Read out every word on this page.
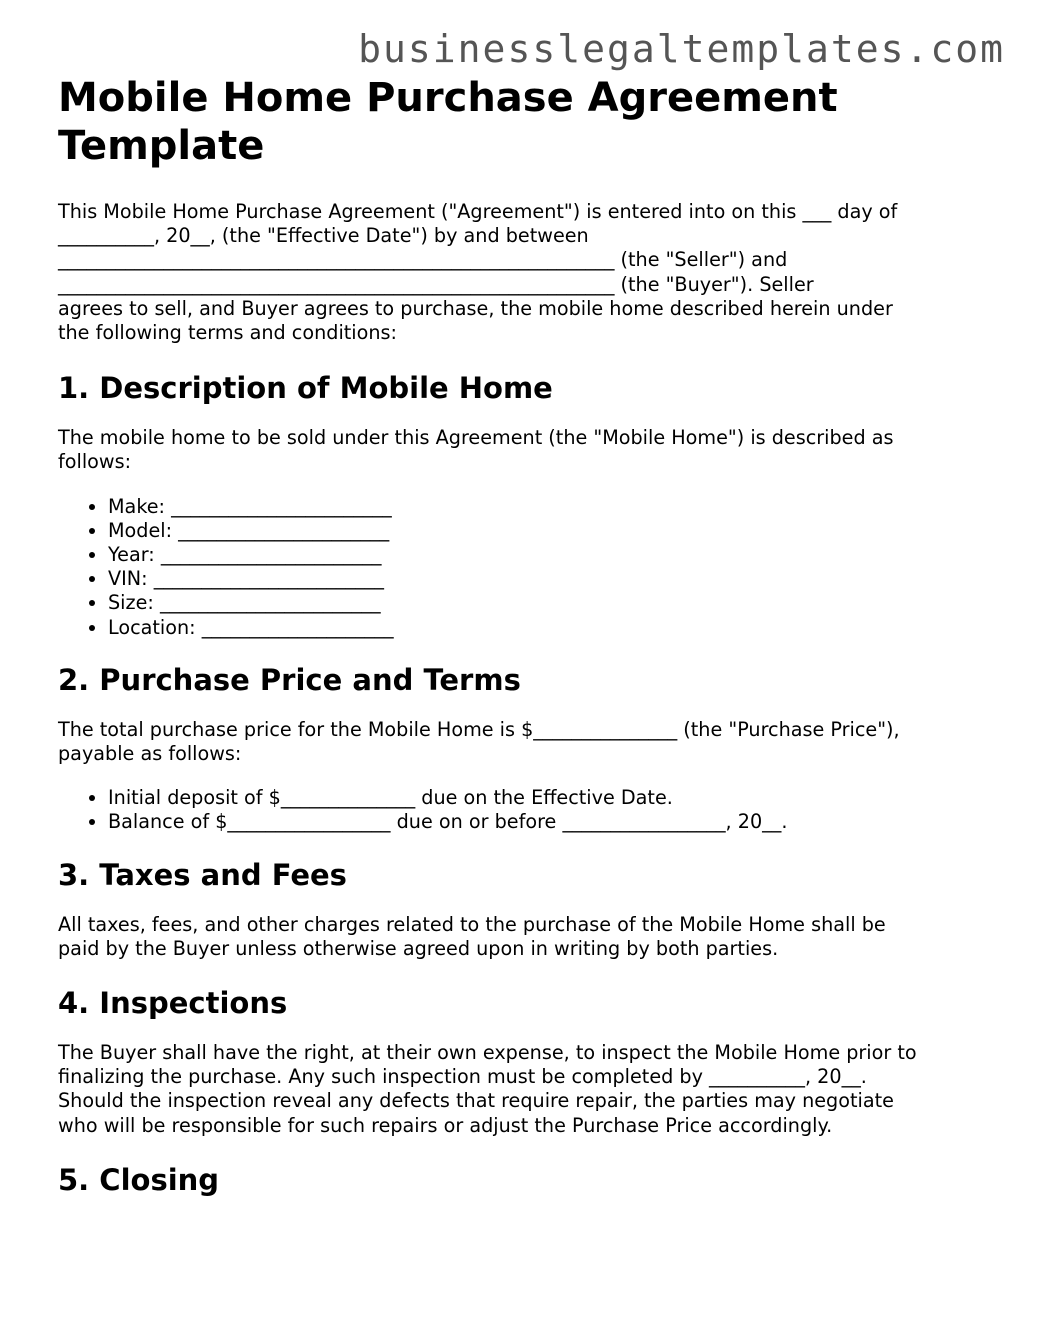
businesslegaltemplates.com
Mobile Home Purchase Agreement Template

This Mobile Home Purchase Agreement ("Agreement") is entered into on this ___ day of
__________, 20__, (the "Effective Date") by and between
__________________________________________________________ (the "Seller") and
__________________________________________________________ (the "Buyer"). Seller
agrees to sell, and Buyer agrees to purchase, the mobile home described herein under
the following terms and conditions:

1. Description of Mobile Home

The mobile home to be sold under this Agreement (the "Mobile Home") is described as
follows:

• Make: _______________________
• Model: ______________________
• Year: _______________________
• VIN: ________________________
• Size: _______________________
• Location: ____________________
2. Purchase Price and Terms

The total purchase price for the Mobile Home is $_______________ (the "Purchase Price"),
payable as follows:

• Initial deposit of $______________ due on the Effective Date.
• Balance of $_________________ due on or before _________________, 20__.
3. Taxes and Fees

All taxes, fees, and other charges related to the purchase of the Mobile Home shall be
paid by the Buyer unless otherwise agreed upon in writing by both parties.

4. Inspections

The Buyer shall have the right, at their own expense, to inspect the Mobile Home prior to
finalizing the purchase. Any such inspection must be completed by __________, 20__.
Should the inspection reveal any defects that require repair, the parties may negotiate
who will be responsible for such repairs or adjust the Purchase Price accordingly.

5. Closing
